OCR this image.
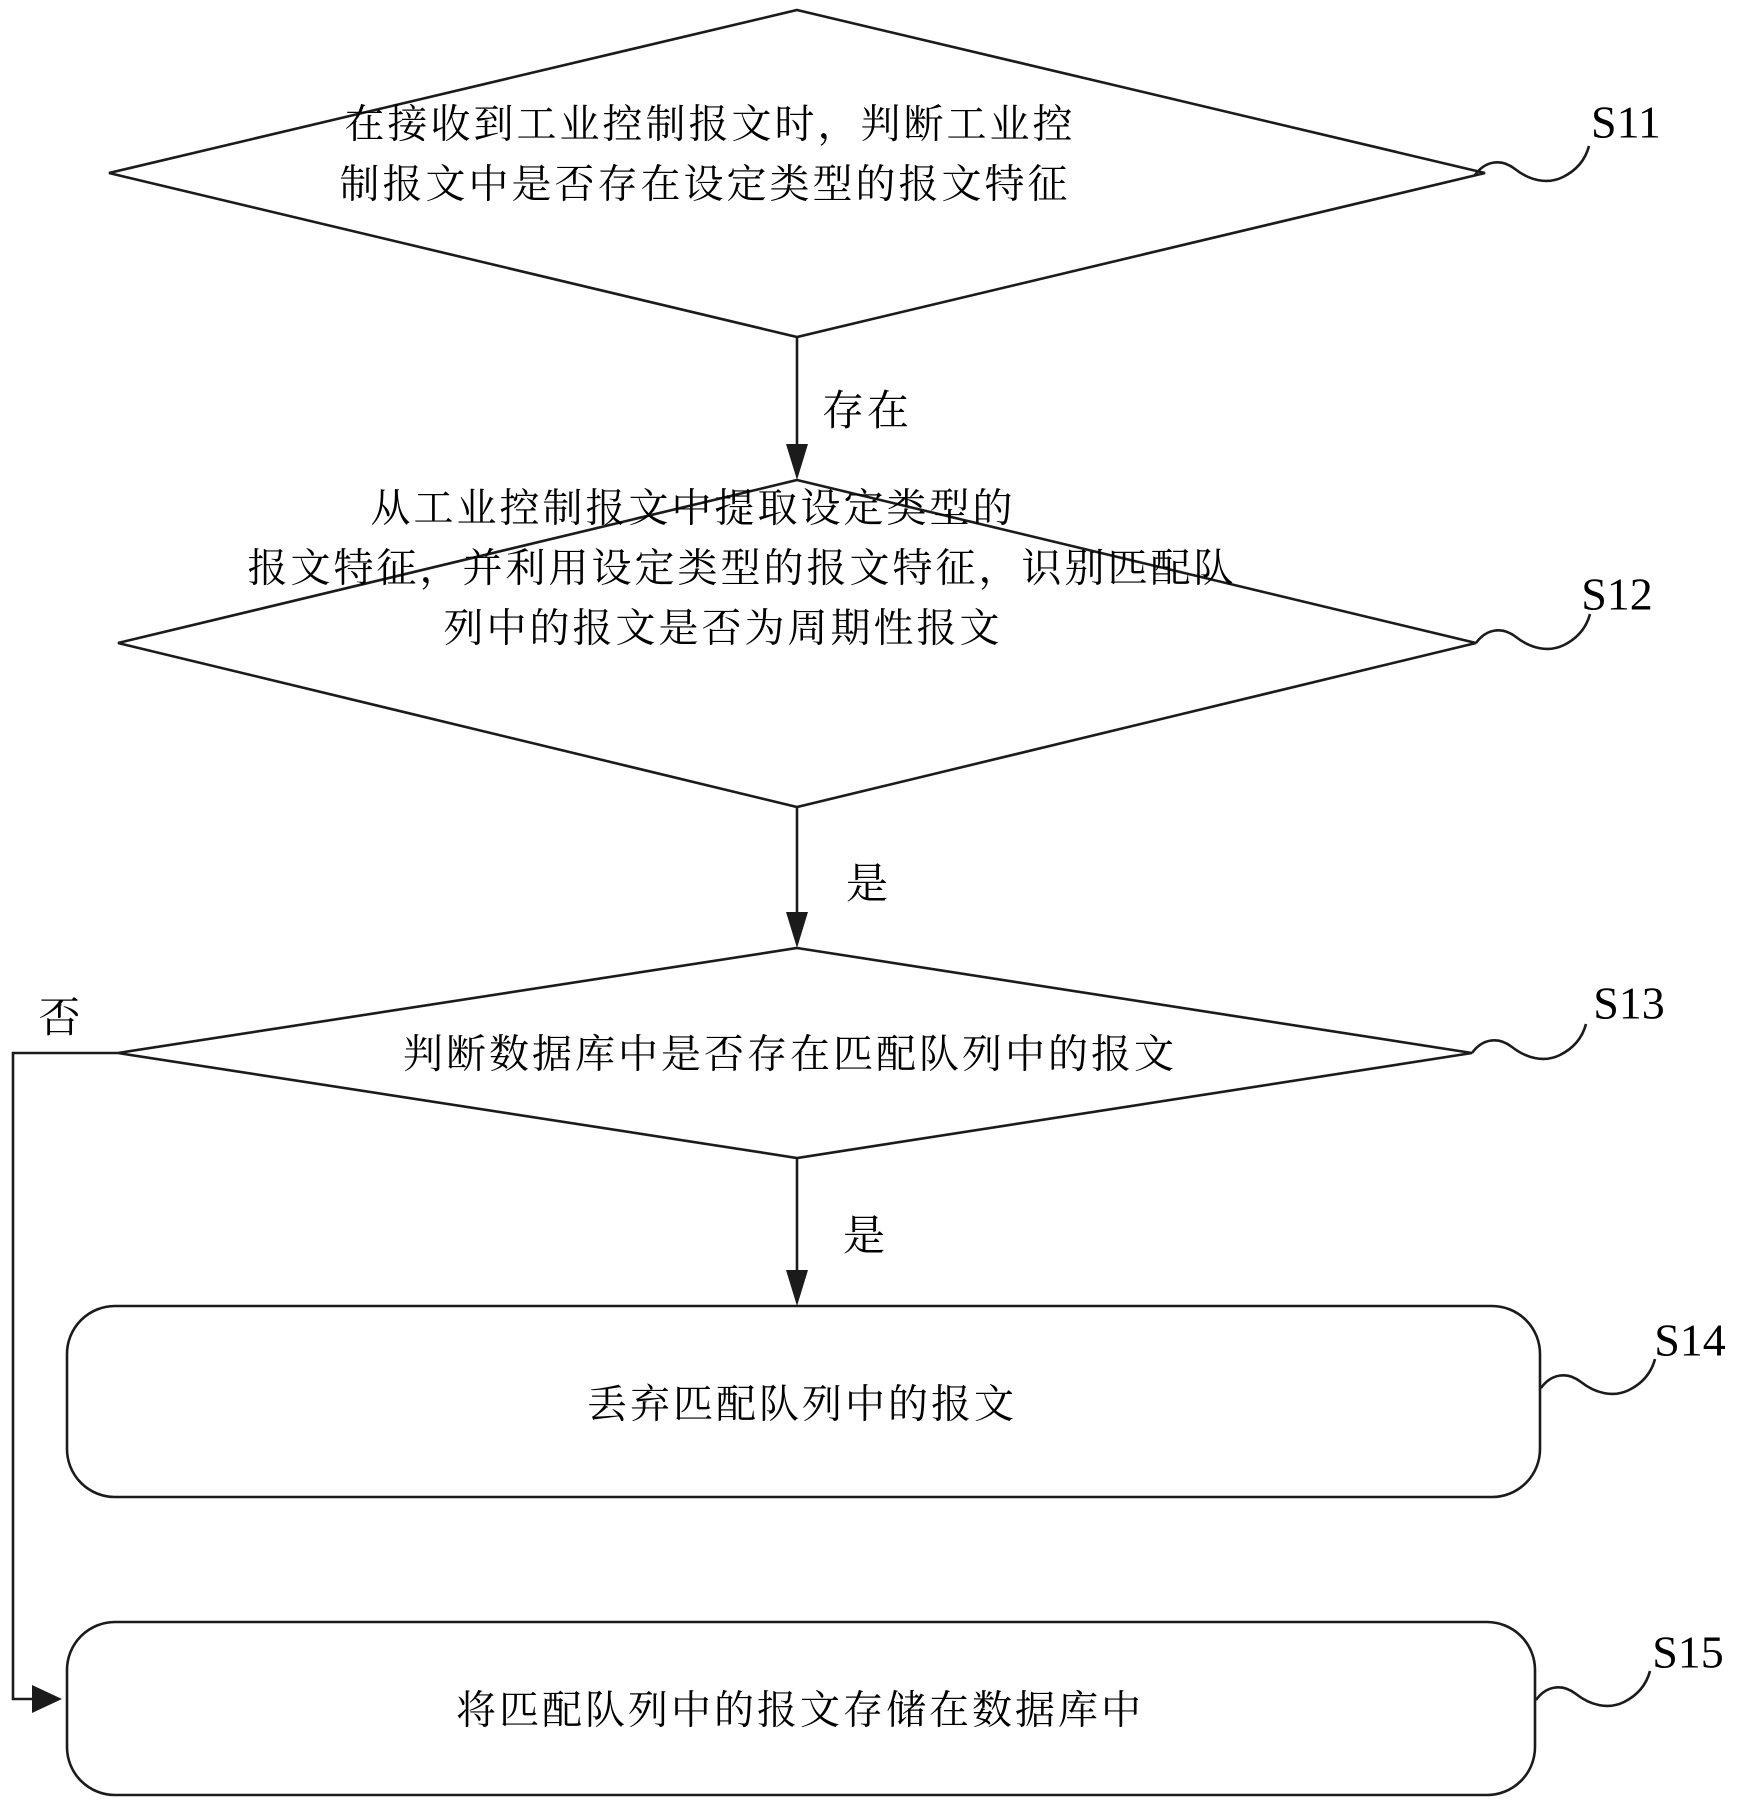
在接收到工业控制报文时，判断工业控
制报文中是否存在设定类型的报文特征
S11
存在
从工业控制报文中提取设定类型的
报文特征，并利用设定类型的报文特征，识别匹配队
列中的报文是否为周期性报文
S12
是
判断数据库中是否存在匹配队列中的报文
S13
是
否
丢弃匹配队列中的报文
S14
将匹配队列中的报文存储在数据库中
S15
